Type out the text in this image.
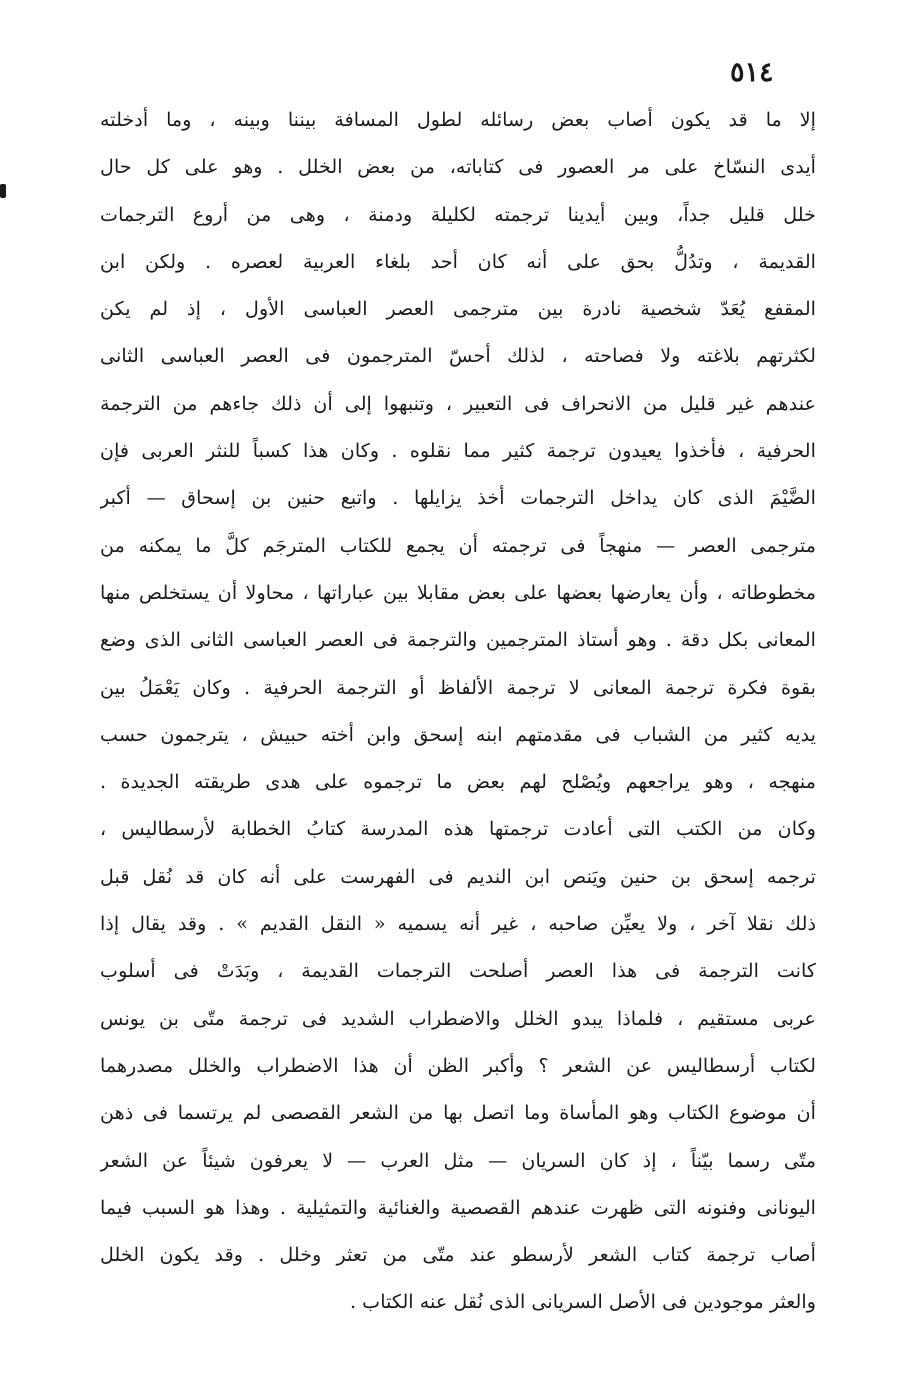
٥١٤
إلا ما قد يكون أصاب بعض رسائله لطول المسافة بيننا وبينه ، وما أدخلته
أيدى النسّاخ على مر العصور فى كتاباته، من بعض الخلل . وهو على كل حال
خلل قليل جداً، وبين أيدينا ترجمته لكليلة ودمنة ، وهى من أروع الترجمات
القديمة ، وتدُلُّ بحق على أنه كان أحد بلغاء العربية لعصره . ولكن ابن
المقفع يُعَدّ شخصية نادرة بين مترجمى العصر العباسى الأول ، إذ لم يكن
لكثرتهم بلاغته ولا فصاحته ، لذلك أحسّ المترجمون فى العصر العباسى الثانى
عندهم غير قليل من الانحراف فى التعبير ، وتنبهوا إلى أن ذلك جاءهم من الترجمة
الحرفية ، فأخذوا يعيدون ترجمة كثير مما نقلوه . وكان هذا كسباً للنثر العربى فإن
الضَّيْمَ الذى كان يداخل الترجمات أخذ يزايلها . واتبع حنين بن إسحاق — أكبر
مترجمى العصر — منهجاً فى ترجمته أن يجمع للكتاب المترجَم كلَّ ما يمكنه من
مخطوطاته ، وأن يعارضها بعضها على بعض مقابلا بين عباراتها ، محاولا أن يستخلص منها
المعانى بكل دقة . وهو أستاذ المترجمين والترجمة فى العصر العباسى الثانى الذى وضع
بقوة فكرة ترجمة المعانى لا ترجمة الألفاظ أو الترجمة الحرفية . وكان يَعْمَلُ بين
يديه كثير من الشباب فى مقدمتهم ابنه إسحق وابن أخته حبيش ، يترجمون حسب
منهجه ، وهو يراجعهم ويُصْلح لهم بعض ما ترجموه على هدى طريقته الجديدة .
وكان من الكتب التى أعادت ترجمتها هذه المدرسة كتابُ الخطابة لأرسطاليس ،
ترجمه إسحق بن حنين ويَنص ابن النديم فى الفهرست على أنه كان قد نُقل قبل
ذلك نقلا آخر ، ولا يعيِّن صاحبه ، غير أنه يسميه « النقل القديم » . وقد يقال إذا
كانت الترجمة فى هذا العصر أصلحت الترجمات القديمة ، وبَدَتْ فى أسلوب
عربى مستقيم ، فلماذا يبدو الخلل والاضطراب الشديد فى ترجمة متّى بن يونس
لكتاب أرسطاليس عن الشعر ؟ وأكبر الظن أن هذا الاضطراب والخلل مصدرهما
أن موضوع الكتاب وهو المأساة وما اتصل بها من الشعر القصصى لم يرتسما فى ذهن
متّى رسما بيّناً ، إذ كان السريان — مثل العرب — لا يعرفون شيئاً عن الشعر
اليونانى وفنونه التى ظهرت عندهم القصصية والغنائية والتمثيلية . وهذا هو السبب فيما
أصاب ترجمة كتاب الشعر لأرسطو عند متّى من تعثر وخلل . وقد يكون الخلل
والعثر موجودين فى الأصل السريانى الذى نُقل عنه الكتاب .
